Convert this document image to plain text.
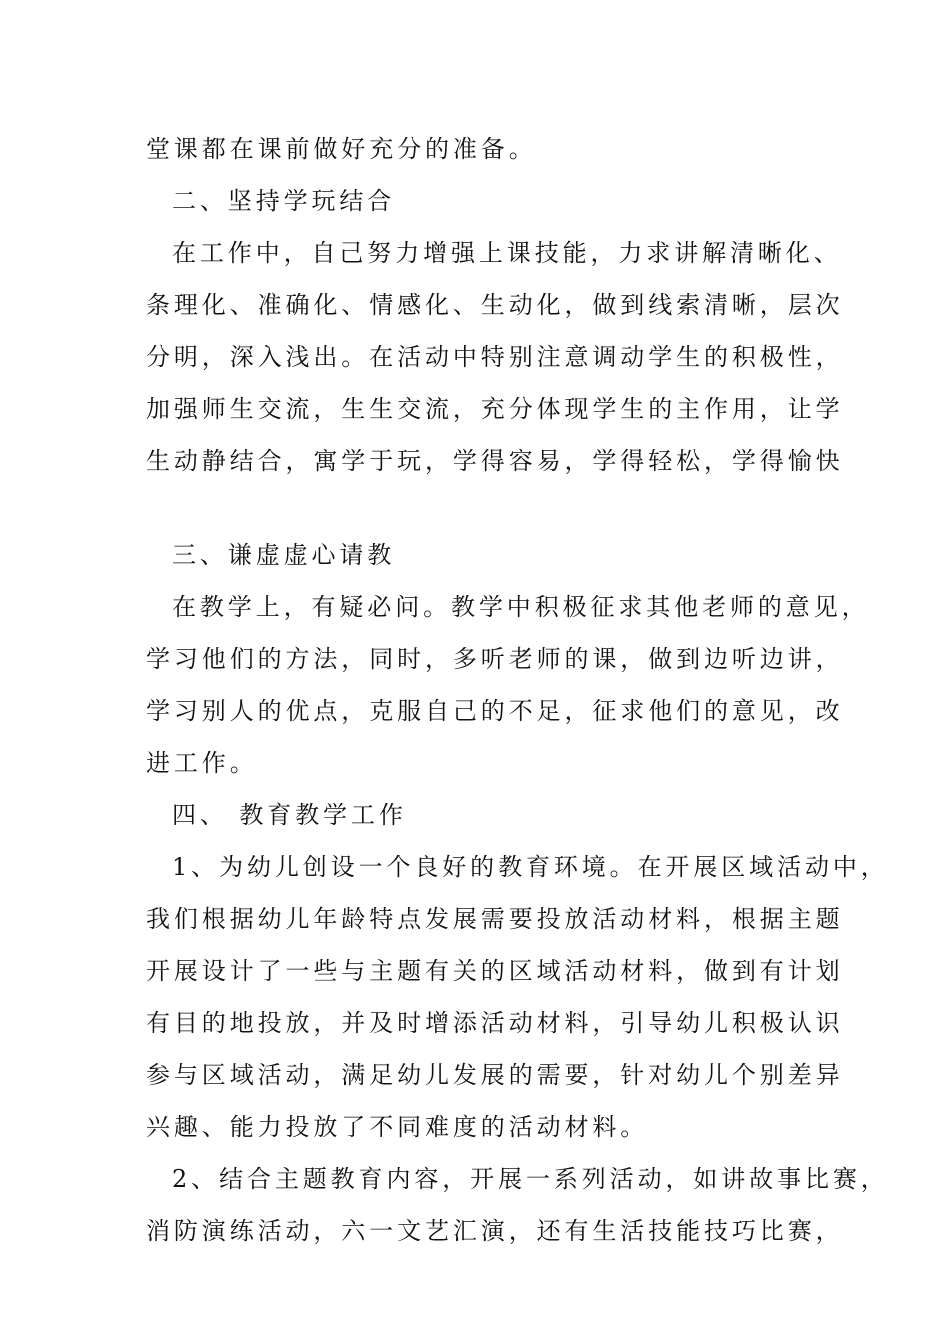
堂课都在课前做好充分的准备。
二、坚持学玩结合
在工作中，自己努力增强上课技能，力求讲解清晰化、
条理化、准确化、情感化、生动化，做到线索清晰，层次
分明，深入浅出。在活动中特别注意调动学生的积极性，
加强师生交流，生生交流，充分体现学生的主作用，让学
生动静结合，寓学于玩，学得容易，学得轻松，学得愉快
三、谦虚虚心请教
在教学上，有疑必问。教学中积极征求其他老师的意见，
学习他们的方法，同时，多听老师的课，做到边听边讲，
学习别人的优点，克服自己的不足，征求他们的意见，改
进工作。
四、 教育教学工作
1、为幼儿创设一个良好的教育环境。在开展区域活动中，
我们根据幼儿年龄特点发展需要投放活动材料，根据主题
开展设计了一些与主题有关的区域活动材料，做到有计划
有目的地投放，并及时增添活动材料，引导幼儿积极认识
参与区域活动，满足幼儿发展的需要，针对幼儿个别差异
兴趣、能力投放了不同难度的活动材料。
2、结合主题教育内容，开展一系列活动，如讲故事比赛，
消防演练活动，六一文艺汇演，还有生活技能技巧比赛，
